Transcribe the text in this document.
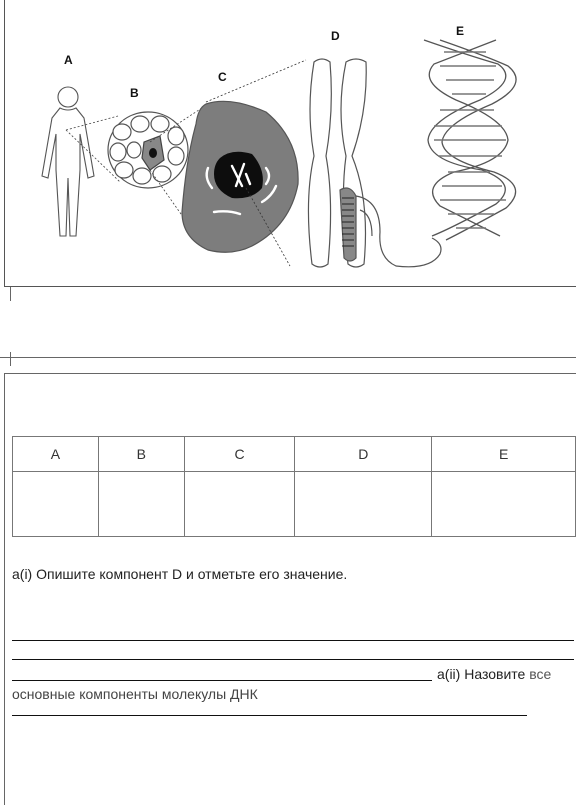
A
B
C
D	E
A	B	C	D	E

a(i) Опишите компонент D и отметьте его значение.
a(ii) Назовите все
основные компоненты молекулы ДНК
